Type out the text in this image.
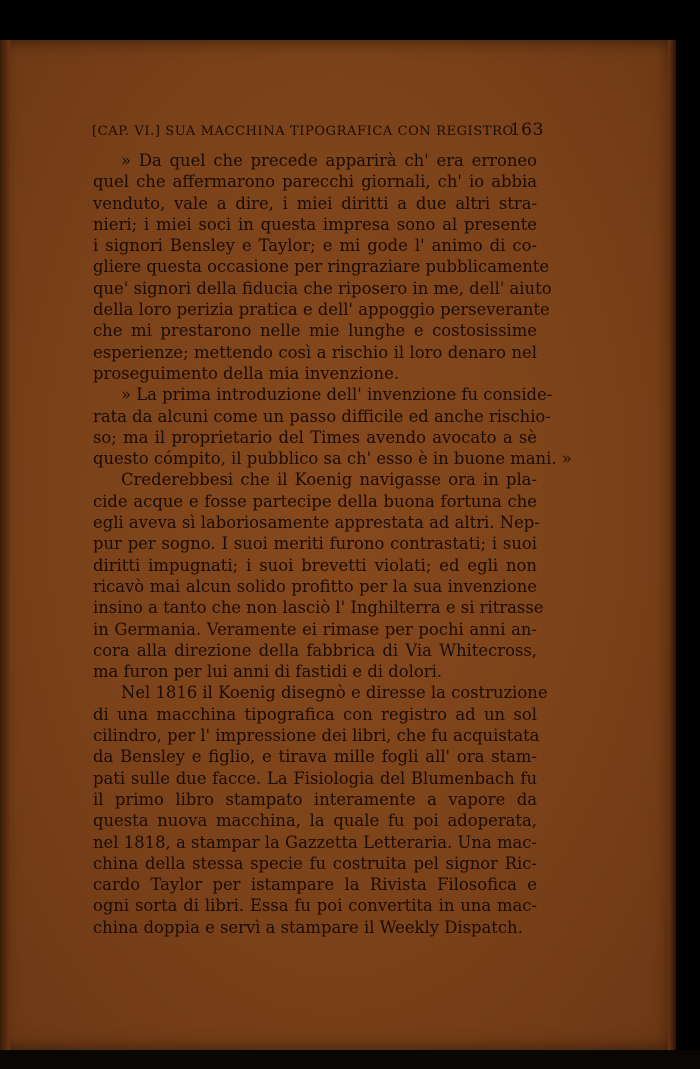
[CAP. VI.] SUA MACCHINA TIPOGRAFICA CON REGISTRO.
163
» Da quel che precede apparirà ch' era erroneo
quel che affermarono parecchi giornali, ch' io abbia
venduto, vale a dire, i miei diritti a due altri stra-
nieri; i miei soci in questa impresa sono al presente
i signori Bensley e Taylor; e mi gode l' animo di co-
gliere questa occasione per ringraziare pubblicamente
que' signori della fiducia che riposero in me, dell' aiuto
della loro perizia pratica e dell' appoggio perseverante
che mi prestarono nelle mie lunghe e costosissime
esperienze; mettendo così a rischio il loro denaro nel
proseguimento della mia invenzione.
» La prima introduzione dell' invenzione fu conside-
rata da alcuni come un passo difficile ed anche rischio-
so; ma il proprietario del Times avendo avocato a sè
questo cómpito, il pubblico sa ch' esso è in buone mani. »
Crederebbesi che il Koenig navigasse ora in pla-
cide acque e fosse partecipe della buona fortuna che
egli aveva sì laboriosamente apprestata ad altri. Nep-
pur per sogno. I suoi meriti furono contrastati; i suoi
diritti impugnati; i suoi brevetti violati; ed egli non
ricavò mai alcun solido profitto per la sua invenzione
insino a tanto che non lasciò l' Inghilterra e si ritrasse
in Germania. Veramente ei rimase per pochi anni an-
cora alla direzione della fabbrica di Via Whitecross,
ma furon per lui anni di fastidi e di dolori.
Nel 1816 il Koenig disegnò e diresse la costruzione
di una macchina tipografica con registro ad un sol
cilindro, per l' impressione dei libri, che fu acquistata
da Bensley e figlio, e tirava mille fogli all' ora stam-
pati sulle due facce. La Fisiologia del Blumenbach fu
il primo libro stampato interamente a vapore da
questa nuova macchina, la quale fu poi adoperata,
nel 1818, a stampar la Gazzetta Letteraria. Una mac-
china della stessa specie fu costruita pel signor Ric-
cardo Taylor per istampare la Rivista Filosofica e
ogni sorta di libri. Essa fu poi convertita in una mac-
china doppia e servì a stampare il Weekly Dispatch.
